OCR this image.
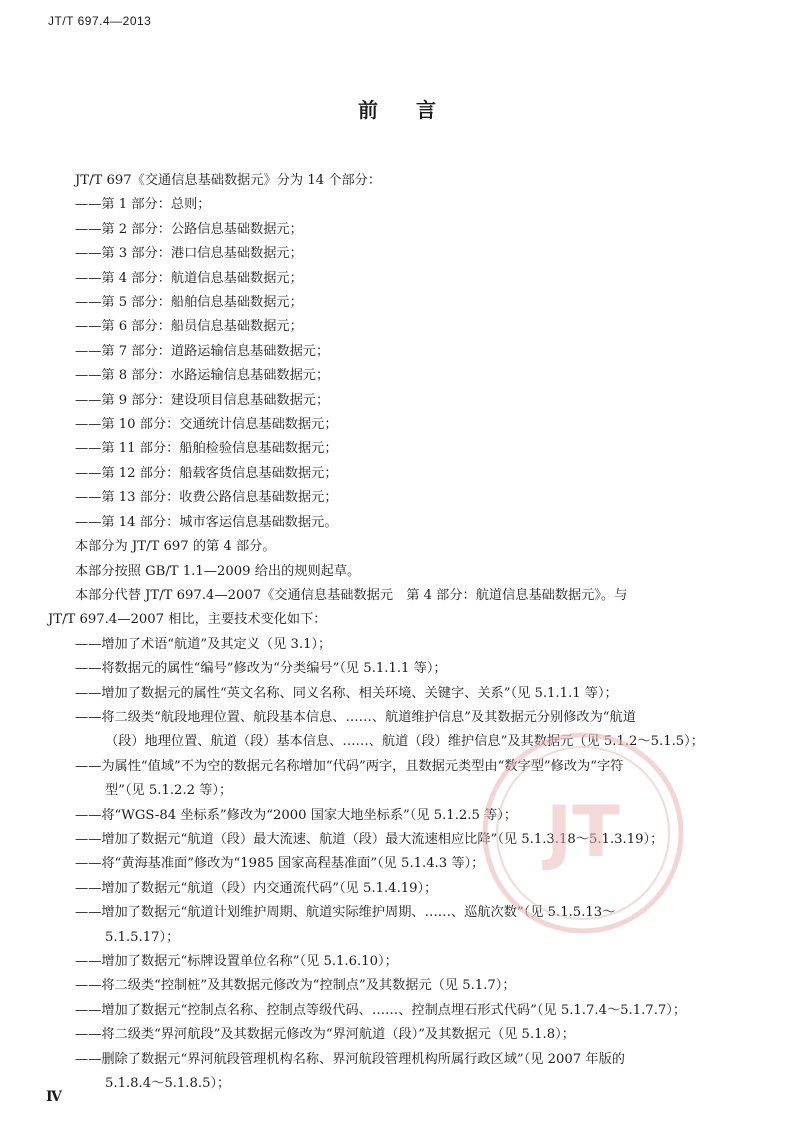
JT/T 697.4—2013
前言

JT/T 697《交通信息基础数据元》分为 14 个部分：

——第 1 部分：总则；

——第 2 部分：公路信息基础数据元；

——第 3 部分：港口信息基础数据元；

——第 4 部分：航道信息基础数据元；

——第 5 部分：船舶信息基础数据元；

——第 6 部分：船员信息基础数据元；

——第 7 部分：道路运输信息基础数据元；

——第 8 部分：水路运输信息基础数据元；

——第 9 部分：建设项目信息基础数据元；

——第 10 部分：交通统计信息基础数据元；

——第 11 部分：船舶检验信息基础数据元；

——第 12 部分：船载客货信息基础数据元；

——第 13 部分：收费公路信息基础数据元；

——第 14 部分：城市客运信息基础数据元。

本部分为 JT/T 697 的第 4 部分。

本部分按照 GB/T 1.1—2009 给出的规则起草。

本部分代替 JT/T 697.4—2007《交通信息基础数据元　第 4 部分：航道信息基础数据元》。与

JT/T 697.4—2007 相比，主要技术变化如下：

——增加了术语“航道”及其定义（见 3.1）；
——将数据元的属性“编号”修改为“分类编号”（见 5.1.1.1 等）；
——增加了数据元的属性“英文名称、同义名称、相关环境、关键字、关系”（见 5.1.1.1 等）；
——将二级类“航段地理位置、航段基本信息、……、航道维护信息”及其数据元分别修改为“航道
（段）地理位置、航道（段）基本信息、……、航道（段）维护信息”及其数据元（见 5.1.2～5.1.5）；
——为属性“值域”不为空的数据元名称增加“代码”两字，且数据元类型由“数字型”修改为“字符
型”（见 5.1.2.2 等）；
——将“WGS-84 坐标系”修改为“2000 国家大地坐标系”（见 5.1.2.5 等）；
——增加了数据元“航道（段）最大流速、航道（段）最大流速相应比降”（见 5.1.3.18～5.1.3.19）；
——将“黄海基准面”修改为“1985 国家高程基准面”（见 5.1.4.3 等）；
——增加了数据元“航道（段）内交通流代码”（见 5.1.4.19）；
——增加了数据元“航道计划维护周期、航道实际维护周期、……、巡航次数”（见 5.1.5.13～
5.1.5.17）；
——增加了数据元“标牌设置单位名称”（见 5.1.6.10）；
——将二级类“控制桩”及其数据元修改为“控制点”及其数据元（见 5.1.7）；
——增加了数据元“控制点名称、控制点等级代码、……、控制点埋石形式代码”（见 5.1.7.4～5.1.7.7）；
——将二级类“界河航段”及其数据元修改为“界河航道（段）”及其数据元（见 5.1.8）；
——删除了数据元“界河航段管理机构名称、界河航段管理机构所属行政区域”（见 2007 年版的
5.1.8.4～5.1.8.5）；
JT
Ⅳ
